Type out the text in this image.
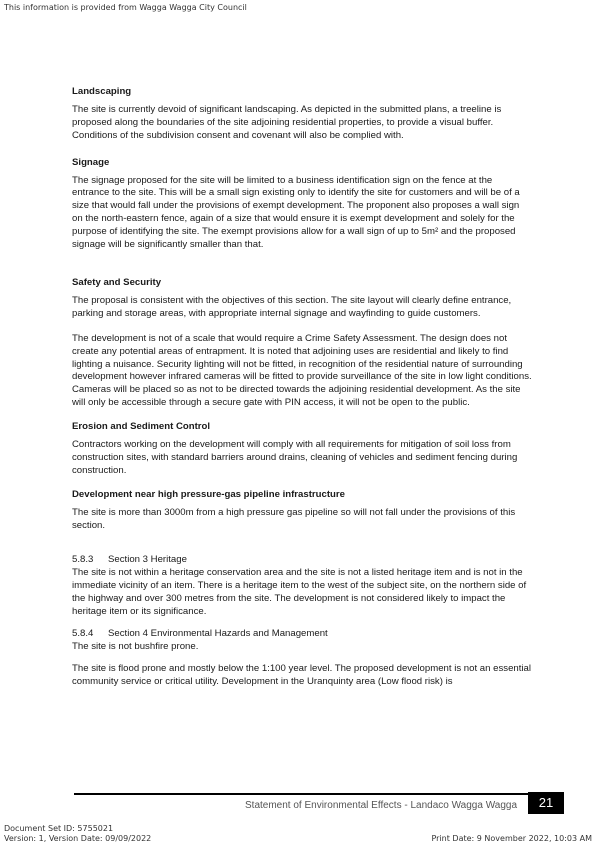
This information is provided from Wagga Wagga City Council

Landscaping

The site is currently devoid of significant landscaping. As depicted in the submitted plans, a treeline is proposed along the boundaries of the site adjoining residential properties, to provide a visual buffer. Conditions of the subdivision consent and covenant will also be complied with.

Signage

The signage proposed for the site will be limited to a business identification sign on the fence at the entrance to the site. This will be a small sign existing only to identify the site for customers and will be of a size that would fall under the provisions of exempt development. The proponent also proposes a wall sign on the north-eastern fence, again of a size that would ensure it is exempt development and solely for the purpose of identifying the site. The exempt provisions allow for a wall sign of up to 5m² and the proposed signage will be significantly smaller than that.

Safety and Security

The proposal is consistent with the objectives of this section. The site layout will clearly define entrance, parking and storage areas, with appropriate internal signage and wayfinding to guide customers.

The development is not of a scale that would require a Crime Safety Assessment. The design does not create any potential areas of entrapment. It is noted that adjoining uses are residential and likely to find lighting a nuisance. Security lighting will not be fitted, in recognition of the residential nature of surrounding development however infrared cameras will be fitted to provide surveillance of the site in low light conditions. Cameras will be placed so as not to be directed towards the adjoining residential development. As the site will only be accessible through a secure gate with PIN access, it will not be open to the public.

Erosion and Sediment Control

Contractors working on the development will comply with all requirements for mitigation of soil loss from construction sites, with standard barriers around drains, cleaning of vehicles and sediment fencing during construction.

Development near high pressure-gas pipeline infrastructure

The site is more than 3000m from a high pressure gas pipeline so will not fall under the provisions of this section.

5.8.3 Section 3 Heritage

The site is not within a heritage conservation area and the site is not a listed heritage item and is not in the immediate vicinity of an item. There is a heritage item to the west of the subject site, on the northern side of the highway and over 300 metres from the site. The development is not considered likely to impact the heritage item or its significance.

5.8.4 Section 4 Environmental Hazards and Management

The site is not bushfire prone.

The site is flood prone and mostly below the 1:100 year level. The proposed development is not an essential community service or critical utility. Development in the Uranquinty area (Low flood risk) is

Statement of Environmental Effects - Landaco Wagga Wagga	21
Document Set ID: 5755021
Version: 1, Version Date: 09/09/2022	Print Date: 9 November 2022, 10:03 AM
